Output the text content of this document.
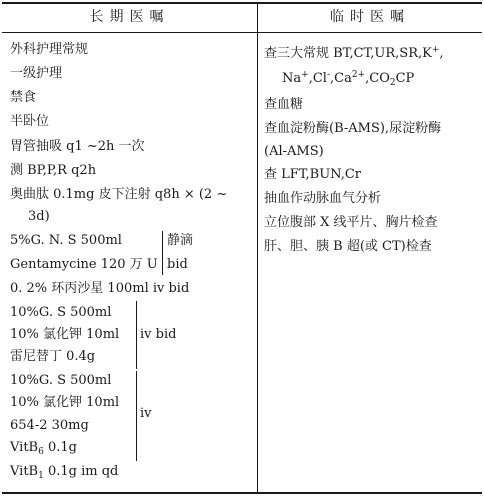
长期医嘱	临时医嘱
外科护理常规
一级护理
禁食
半卧位
胃管抽吸 q1 ~2h 一次
测 BP,P,R q2h
奥曲肽 0.1mg 皮下注射 q8h × (2 ~
3d)
5%G. N. S 500ml
Gentamycine 120 万 U
静滴
bid
0. 2% 环丙沙星 100ml iv bid
10%G. S 500ml
10% 氯化钾 10ml
雷尼替丁 0.4g
iv bid
10%G. S 500ml
10% 氯化钾 10ml
654-2 30mg
VitB$_6$ 0.1g
iv
VitB$_1$ 0.1g im qd
查三大常规 BT,CT,UR,SR,K+,
$Na^+,Cl^-,Ca^{2+},CO_2CP$
查血糖
查血淀粉酶(B-AMS),尿淀粉酶
(Al-AMS)
查 LFT,BUN,Cr
抽血作动脉血气分析
立位腹部 X 线平片、胸片检查
肝、胆、胰 B 超(或 CT)检查
